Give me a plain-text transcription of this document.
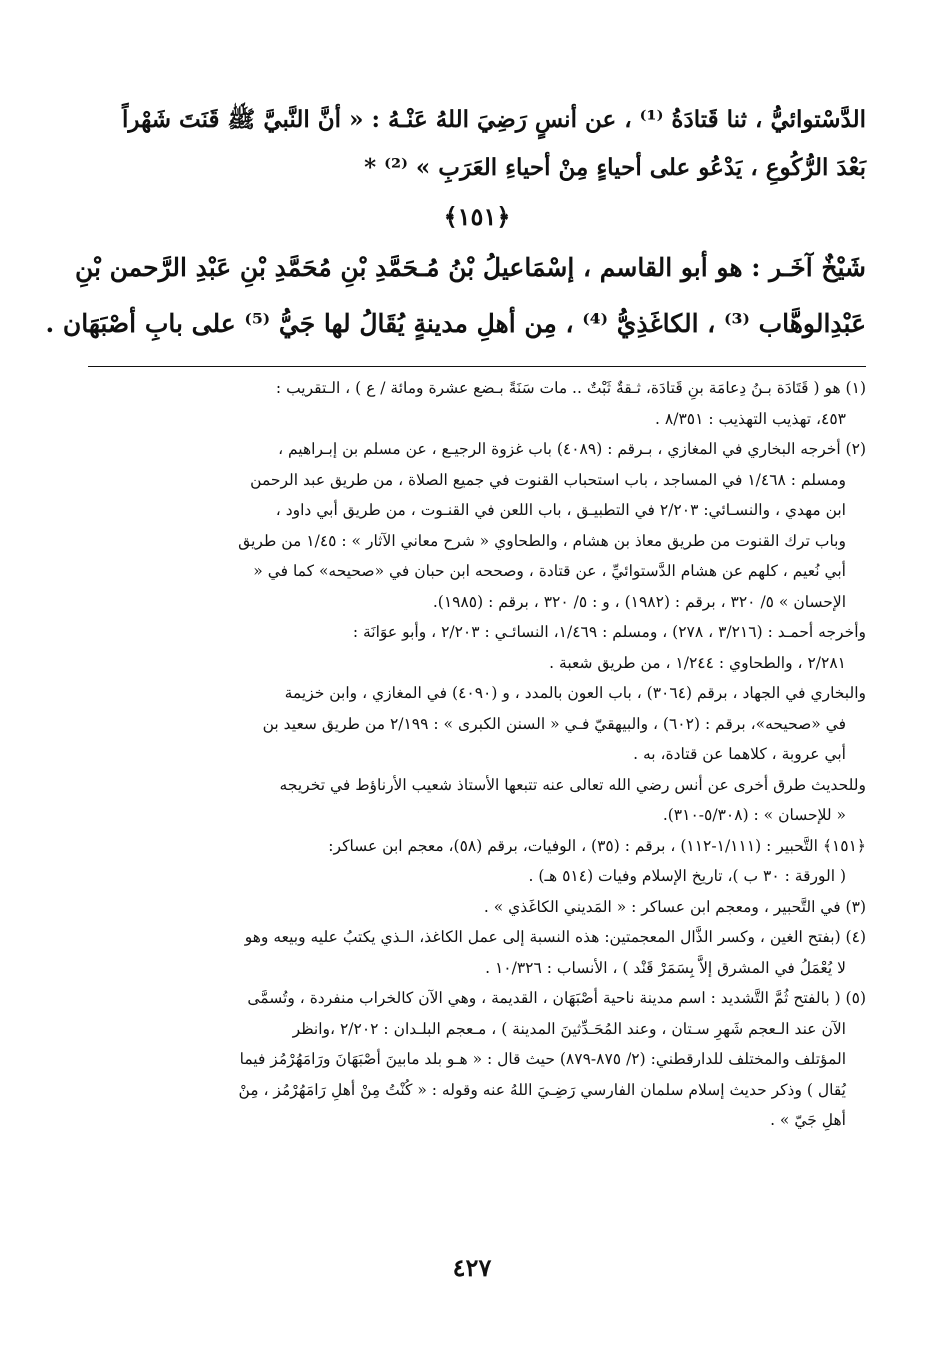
الدَّسْتوائيُّ ، ثنا قَتادَةُ ⁽¹⁾ ، عن أنسٍ رَضِيَ اللهُ عَنْـهُ : « أنَّ النَّبيَّ ﷺ قَنَتَ شَهْراً
بَعْدَ الرُّكُوعِ ، يَدْعُو على أحياءٍ مِنْ أحياءِ العَرَبِ » ⁽²⁾ *
﴿١٥١﴾
شَيْخٌ آخَـر : هو أبو القاسم ، إسْمَاعيلُ بْنُ مُـحَمَّدِ بْنِ مُحَمَّدِ بْنِ عَبْدِ الرَّحمن بْنِ
عَبْدِالوهَّاب ⁽³⁾ ، الكاغَذِيُّ ⁽⁴⁾ ، مِن أهلِ مدينةٍ يُقَالُ لها جَيُّ ⁽⁵⁾ على بابِ أصْبَهَان .
(١) هو ( قَتَادَة بـنُ دِعامَة بنِ قَتادَة، ثـقةٌ ثَبْتٌ .. مات سَنَةً بـضع عشرة ومائة / ع ) ، الـتقريب :
٤٥٣، تهذيب التهذيب : ٨/٣٥١ .
(٢) أخرجه البخاري في المغازي ، بـرقم : (٤٠٨٩) باب غزوة الرجيـع ، عن مسلم بن إبـراهيم ،
ومسلم : ١/٤٦٨ في المساجد ، باب استحباب القنوت في جميع الصلاة ، من طريق عبد الرحمن
ابن مهدي ، والنسـائي: ٢/٢٠٣ في التطبيـق ، باب اللعن في القنـوت ، من طريق أبي داود ،
وباب ترك القنوت من طريق معاذ بن هشام ، والطحاوي « شرح معاني الآثار » : ١/٤٥ من طريق
أبي نُعيم ، كلهم عن هشام الدَّستوائيِّ ، عن قتادة ، وصححه ابن حبان في «صحيحه» كما في «
الإحسان » ٥/ ٣٢٠ ، برقم : (١٩٨٢) ، و : ٥/ ٣٢٠ ، برقم : (١٩٨٥).
وأخرجه أحمـد : (٣/٢١٦ ، ٢٧٨) ، ومسلم : ١/٤٦٩، النسائـي : ٢/٢٠٣ ، وأبو عوَانَة :
٢/٢٨١ ، والطحاوي : ١/٢٤٤ ، من طريق شعبة .
والبخاري في الجهاد ، برقم (٣٠٦٤) ، باب العون بالمدد ، و (٤٠٩٠) في المغازي ، وابن خزيمة
في «صحيحه»، برقم : (٦٠٢) ، والبيهقيّ فـي « السنن الكبرى » : ٢/١٩٩ من طريق سعيد بن
أبي عروبة ، كلاهما عن قتادة، به .
وللحديث طرق أخرى عن أنس رضي الله تعالى عنه تتبعها الأستاذ شعيب الأرناؤط في تخريجه
« للإحسان » : (٥/٣٠٨-٣١٠).
﴿١٥١﴾ التَّحبير : (١/١١١-١١٢) ، برقم : (٣٥) ، الوفيات، برقم (٥٨)، معجم ابن عساكر:
( الورقة : ٣٠ ب )، تاريخ الإسلام وفيات (٥١٤ هـ) .
(٣) في التَّحبير ، ومعجم ابن عساكر : « المَديني الكاغَذي » .
(٤) (بفتح الغين ، وكسر الذَّال المعجمتين: هذه النسبة إلى عمل الكاغذ، الـذي يكتبُ عليه وبيعه وهو
لا يُعْمَلُ في المشرق إلاَّ بِسَمَرْ قَنْد ) ، الأنساب : ١٠/٣٢٦ .
(٥) ( بالفتح ثُمَّ التَّشديد : اسم مدينة ناحية أصْبَهَان ، القديمة ، وهي الآن كالخراب منفردة ، وتُسمَّى
الآن عند الـعجم شَهرِ سـتان ، وعند المُحَـدِّثينَ المدينة ) ، مـعجم البلـدان : ٢/٢٠٢ ،وانظر
المؤتلف والمختلف للدارقطني: (٢/ ٨٧٥-٨٧٩) حيث قال : « هـو بلد مابينَ أصْبَهَانَ ورَامَهُرْمُز فيما
يُقال ) وذكر حديث إسلام سلمان الفارسي رَضِـيَ اللهُ عنه وقوله : « كُنْتُ مِنْ أهلِ رَامَهُرْمُز ، مِنْ
أهلِ جَيّ » .
٤٢٧
